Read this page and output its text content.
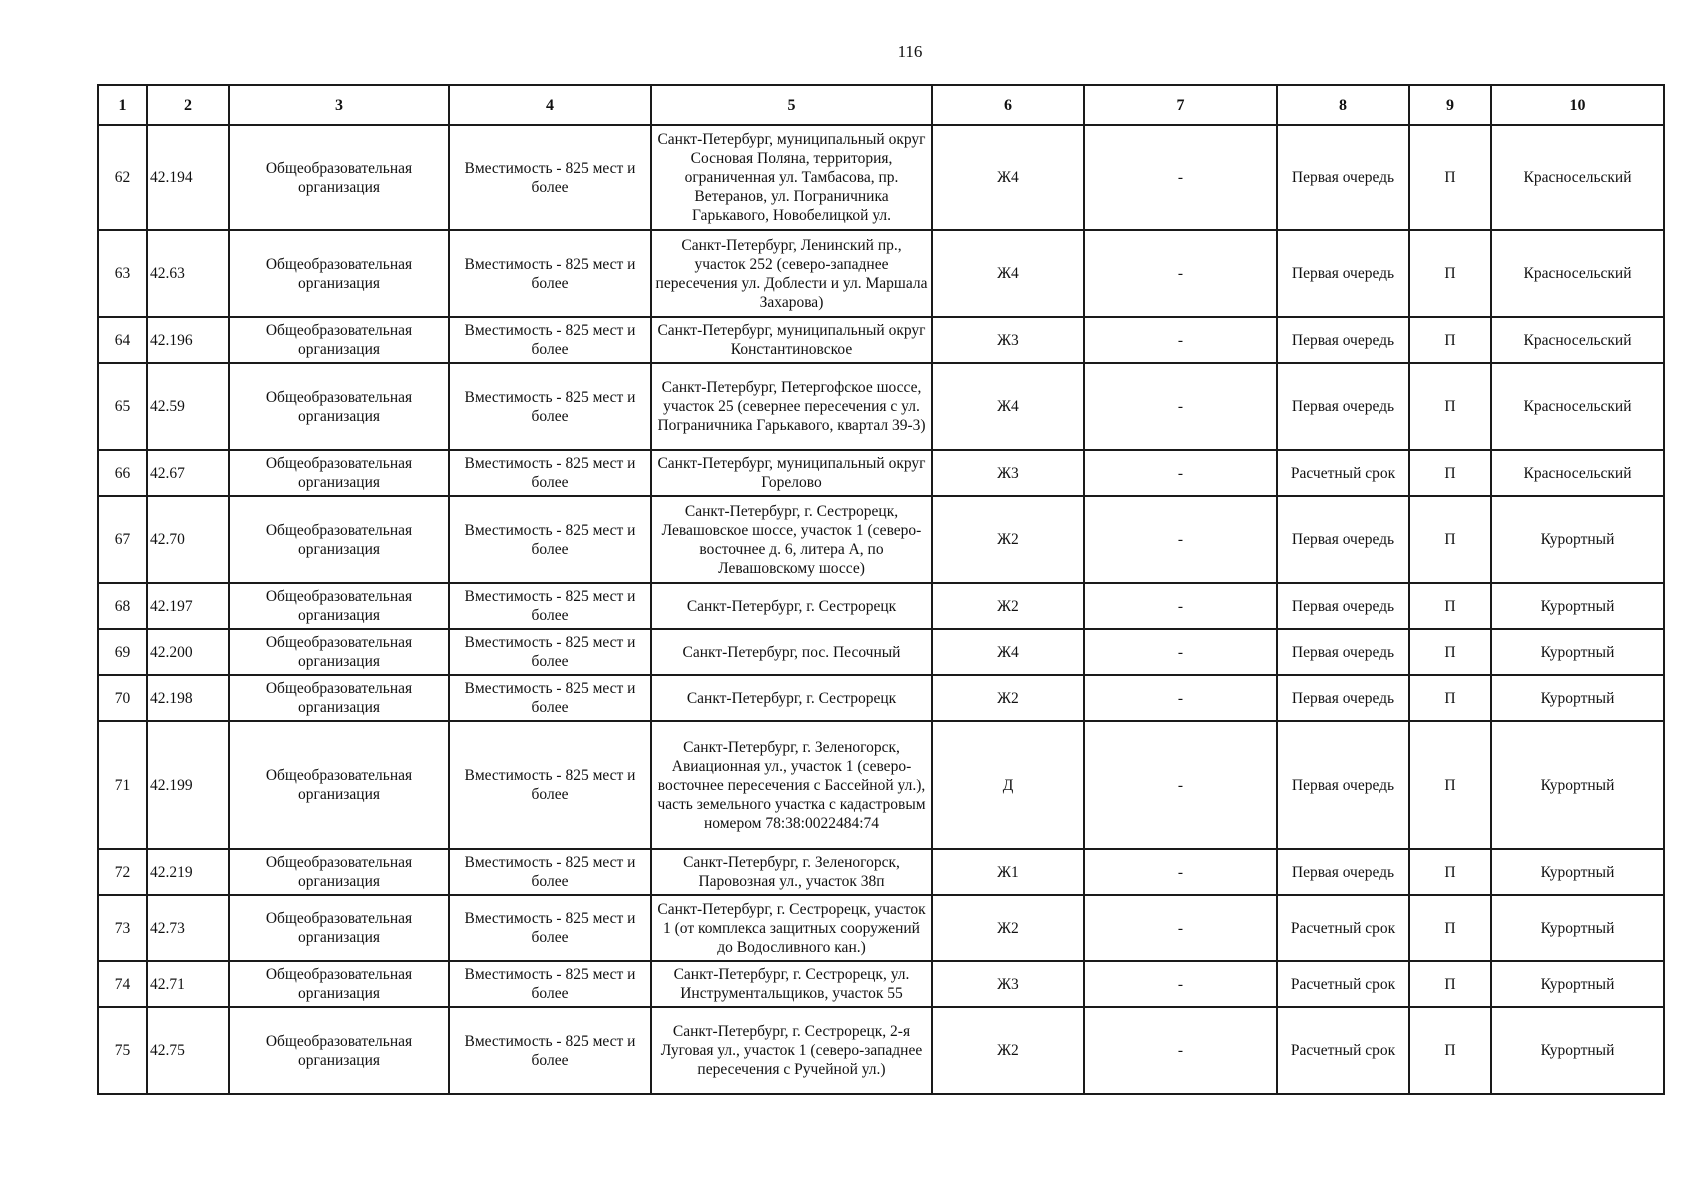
116
1	2	3	4	5	6	7	8	9	10
62	42.194	Общеобразовательная организация	Вместимость - 825 мест и более	Санкт-Петербург, муниципальный округ Сосновая Поляна, территория, ограниченная ул. Тамбасова, пр. Ветеранов, ул. Пограничника Гарькавого, Новобелицкой ул.	Ж4	-	Первая очередь	П	Красносельский
63	42.63	Общеобразовательная организация	Вместимость - 825 мест и более	Санкт-Петербург, Ленинский пр., участок 252 (северо-западнее пересечения ул. Доблести и ул. Маршала Захарова)	Ж4	-	Первая очередь	П	Красносельский
64	42.196	Общеобразовательная организация	Вместимость - 825 мест и более	Санкт-Петербург, муниципальный округ Константиновское	Ж3	-	Первая очередь	П	Красносельский
65	42.59	Общеобразовательная организация	Вместимость - 825 мест и более	Санкт-Петербург, Петергофское шоссе, участок 25 (севернее пересечения с ул. Пограничника Гарькавого, квартал 39-3)	Ж4	-	Первая очередь	П	Красносельский
66	42.67	Общеобразовательная организация	Вместимость - 825 мест и более	Санкт-Петербург, муниципальный округ Горелово	Ж3	-	Расчетный срок	П	Красносельский
67	42.70	Общеобразовательная организация	Вместимость - 825 мест и более	Санкт-Петербург, г. Сестрорецк, Левашовское шоссе, участок 1 (северо-восточнее д. 6, литера А, по Левашовскому шоссе)	Ж2	-	Первая очередь	П	Курортный
68	42.197	Общеобразовательная организация	Вместимость - 825 мест и более	Санкт-Петербург, г. Сестрорецк	Ж2	-	Первая очередь	П	Курортный
69	42.200	Общеобразовательная организация	Вместимость - 825 мест и более	Санкт-Петербург, пос. Песочный	Ж4	-	Первая очередь	П	Курортный
70	42.198	Общеобразовательная организация	Вместимость - 825 мест и более	Санкт-Петербург, г. Сестрорецк	Ж2	-	Первая очередь	П	Курортный
71	42.199	Общеобразовательная организация	Вместимость - 825 мест и более	Санкт-Петербург, г. Зеленогорск, Авиационная ул., участок 1 (северо-восточнее пересечения с Бассейной ул.), часть земельного участка с кадастровым номером 78:38:0022484:74	Д	-	Первая очередь	П	Курортный
72	42.219	Общеобразовательная организация	Вместимость - 825 мест и более	Санкт-Петербург, г. Зеленогорск, Паровозная ул., участок 38п	Ж1	-	Первая очередь	П	Курортный
73	42.73	Общеобразовательная организация	Вместимость - 825 мест и более	Санкт-Петербург, г. Сестрорецк, участок 1 (от комплекса защитных сооружений до Водосливного кан.)	Ж2	-	Расчетный срок	П	Курортный
74	42.71	Общеобразовательная организация	Вместимость - 825 мест и более	Санкт-Петербург, г. Сестрорецк, ул. Инструментальщиков, участок 55	Ж3	-	Расчетный срок	П	Курортный
75	42.75	Общеобразовательная организация	Вместимость - 825 мест и более	Санкт-Петербург, г. Сестрорецк, 2-я Луговая ул., участок 1 (северо-западнее пересечения с Ручейной ул.)	Ж2	-	Расчетный срок	П	Курортный
